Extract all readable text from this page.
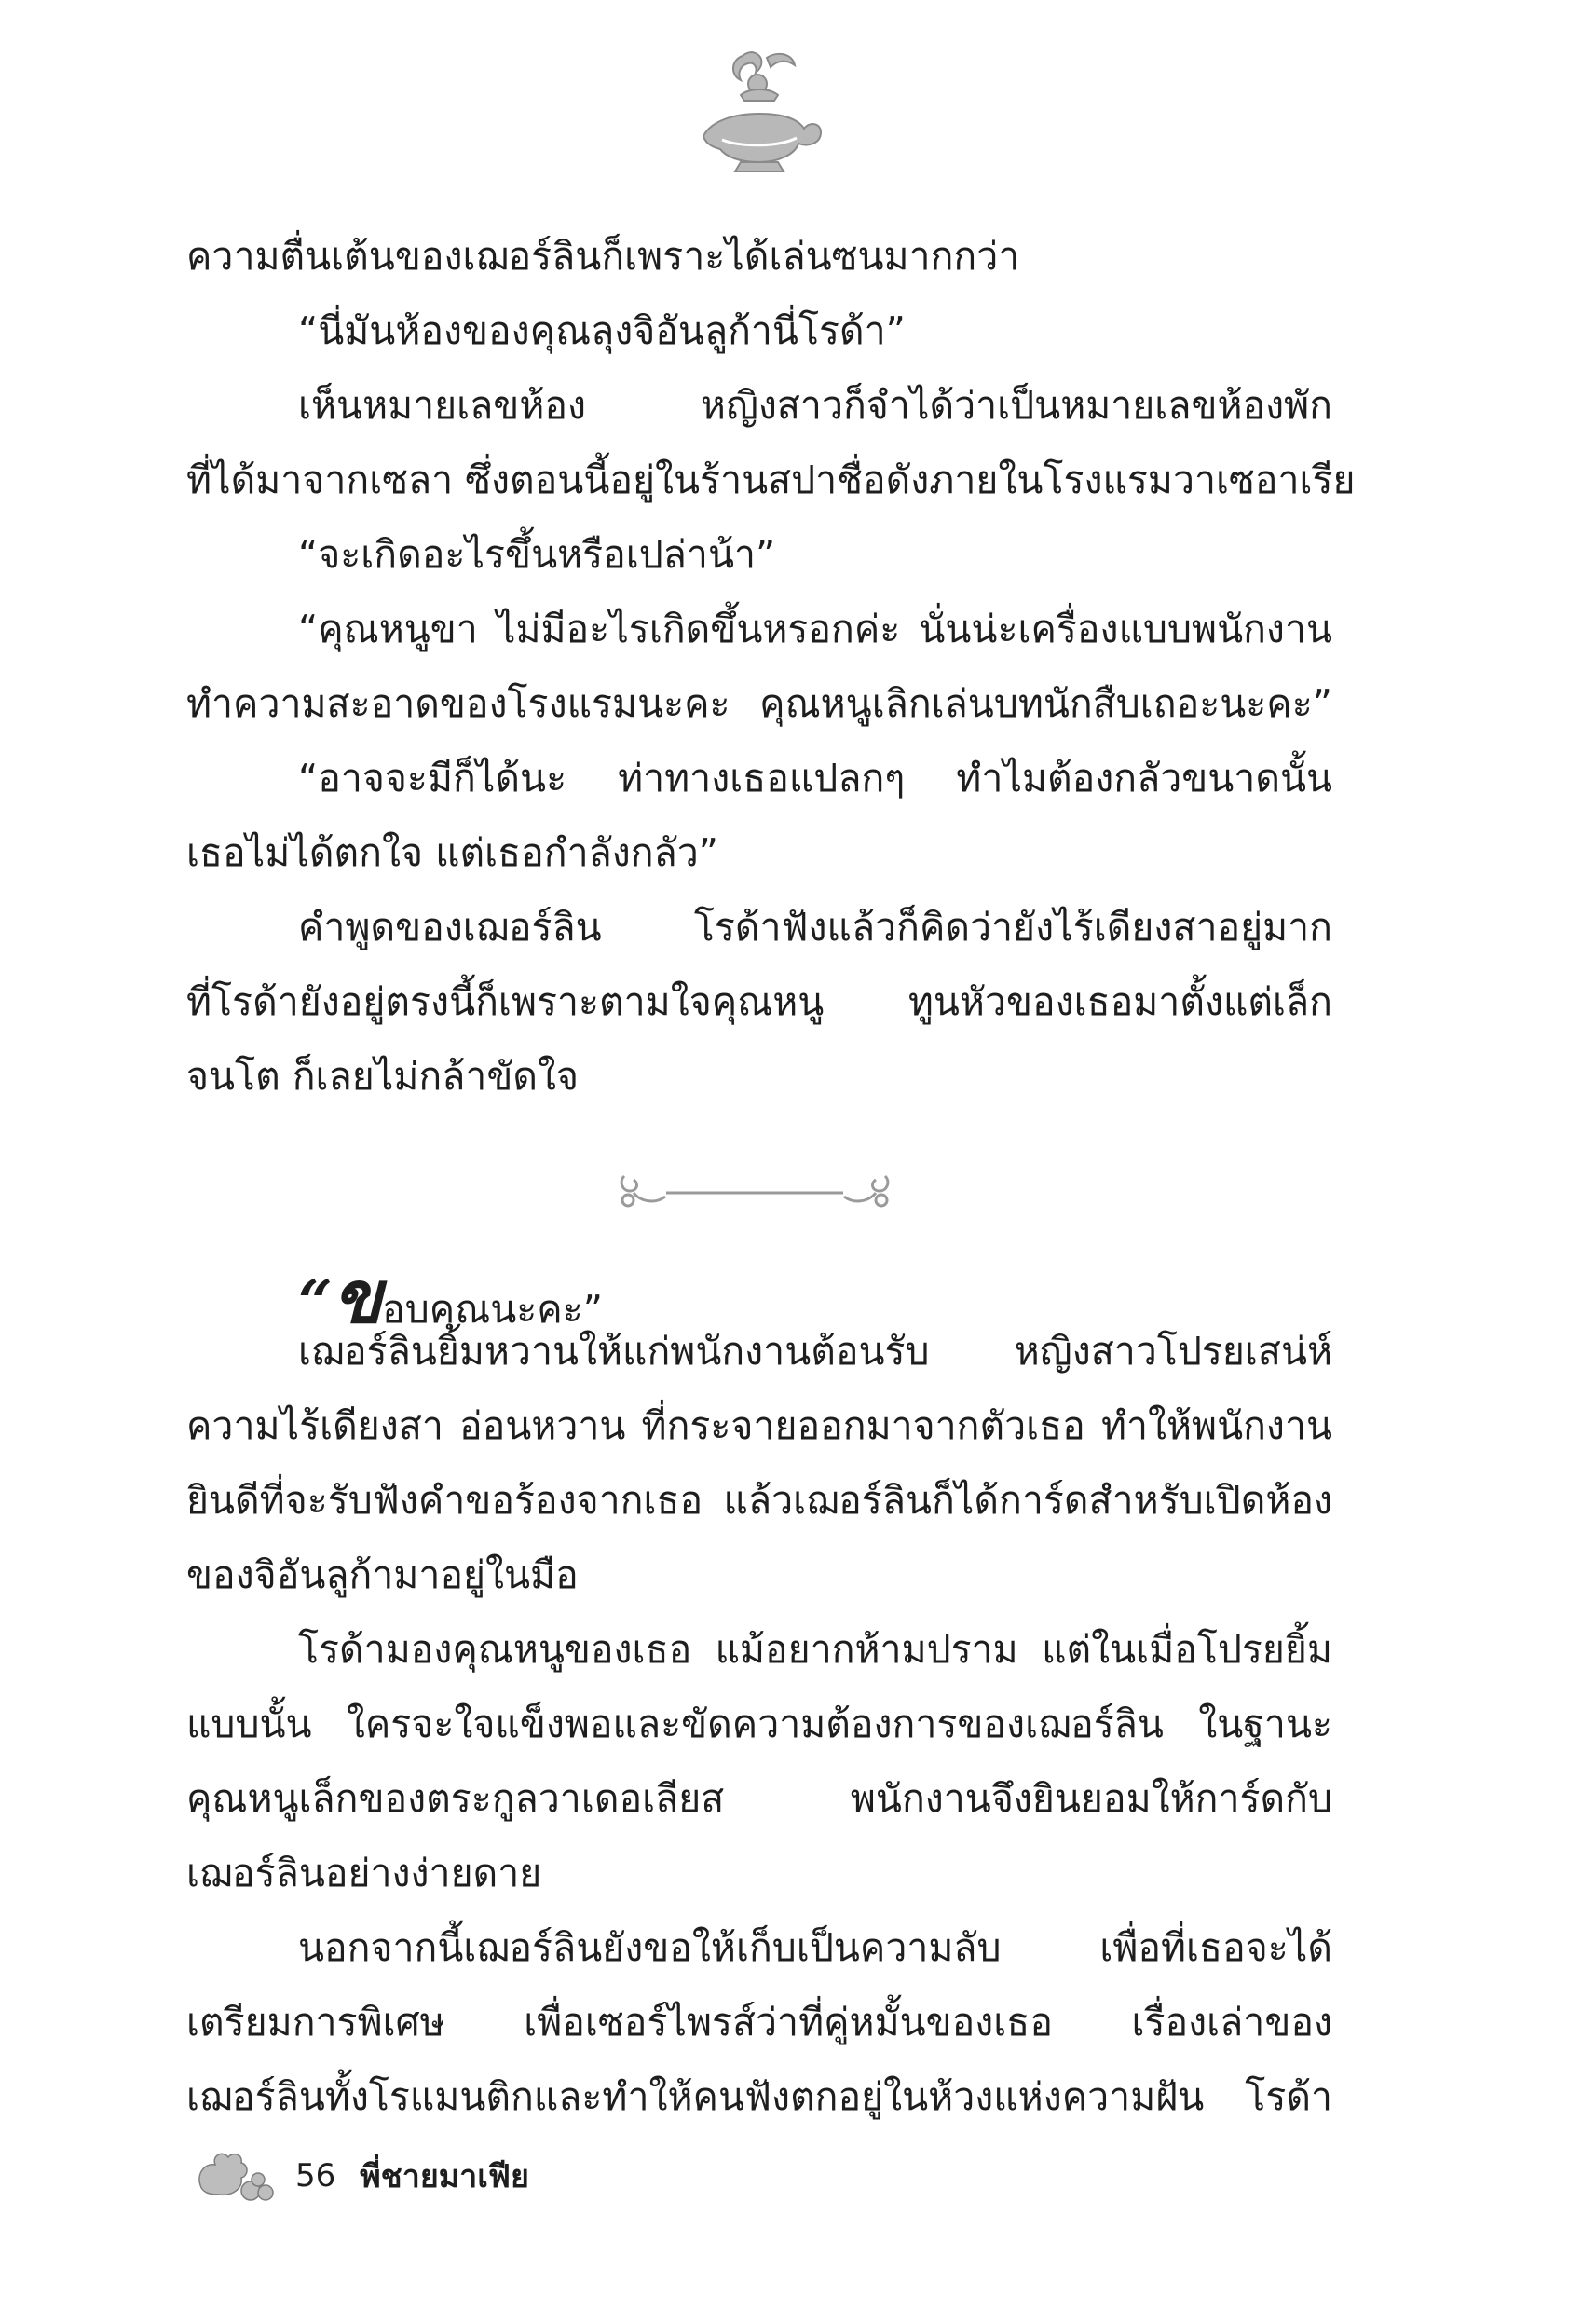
ความตื่นเต้นของเฌอร์ลินก็เพราะได้เล่นซนมากกว่า
“นี่มันห้องของคุณลุงจิอันลูก้านี่โรด้า”
เห็นหมายเลขห้อง หญิงสาวก็จำได้ว่าเป็นหมายเลขห้องพัก
ที่ได้มาจากเซลา ซึ่งตอนนี้อยู่ในร้านสปาชื่อดังภายในโรงแรมวาเซอาเรีย
“จะเกิดอะไรขึ้นหรือเปล่าน้า”
“คุณหนูขา ไม่มีอะไรเกิดขึ้นหรอกค่ะ นั่นน่ะเครื่องแบบพนักงาน
ทำความสะอาดของโรงแรมนะคะ คุณหนูเลิกเล่นบทนักสืบเถอะนะคะ”
“อาจจะมีก็ได้นะ ท่าทางเธอแปลกๆ ทำไมต้องกลัวขนาดนั้น
เธอไม่ได้ตกใจ แต่เธอกำลังกลัว”
คำพูดของเฌอร์ลิน โรด้าฟังแล้วก็คิดว่ายังไร้เดียงสาอยู่มาก
ที่โรด้ายังอยู่ตรงนี้ก็เพราะตามใจคุณหนู ทูนหัวของเธอมาตั้งแต่เล็ก
จนโต ก็เลยไม่กล้าขัดใจ
“ขอบคุณนะคะ”
เฌอร์ลินยิ้มหวานให้แก่พนักงานต้อนรับ หญิงสาวโปรยเสน่ห์
ความไร้เดียงสา อ่อนหวาน ที่กระจายออกมาจากตัวเธอ ทำให้พนักงาน
ยินดีที่จะรับฟังคำขอร้องจากเธอ แล้วเฌอร์ลินก็ได้การ์ดสำหรับเปิดห้อง
ของจิอันลูก้ามาอยู่ในมือ
โรด้ามองคุณหนูของเธอ แม้อยากห้ามปราม แต่ในเมื่อโปรยยิ้ม
แบบนั้น ใครจะใจแข็งพอและขัดความต้องการของเฌอร์ลิน ในฐานะ
คุณหนูเล็กของตระกูลวาเดอเลียส พนักงานจึงยินยอมให้การ์ดกับ
เฌอร์ลินอย่างง่ายดาย
นอกจากนี้เฌอร์ลินยังขอให้เก็บเป็นความลับ เพื่อที่เธอจะได้
เตรียมการพิเศษ เพื่อเซอร์ไพรส์ว่าที่คู่หมั้นของเธอ เรื่องเล่าของ
เฌอร์ลินทั้งโรแมนติกและทำให้คนฟังตกอยู่ในห้วงแห่งความฝัน โรด้า
56 พี่ชายมาเฟีย
